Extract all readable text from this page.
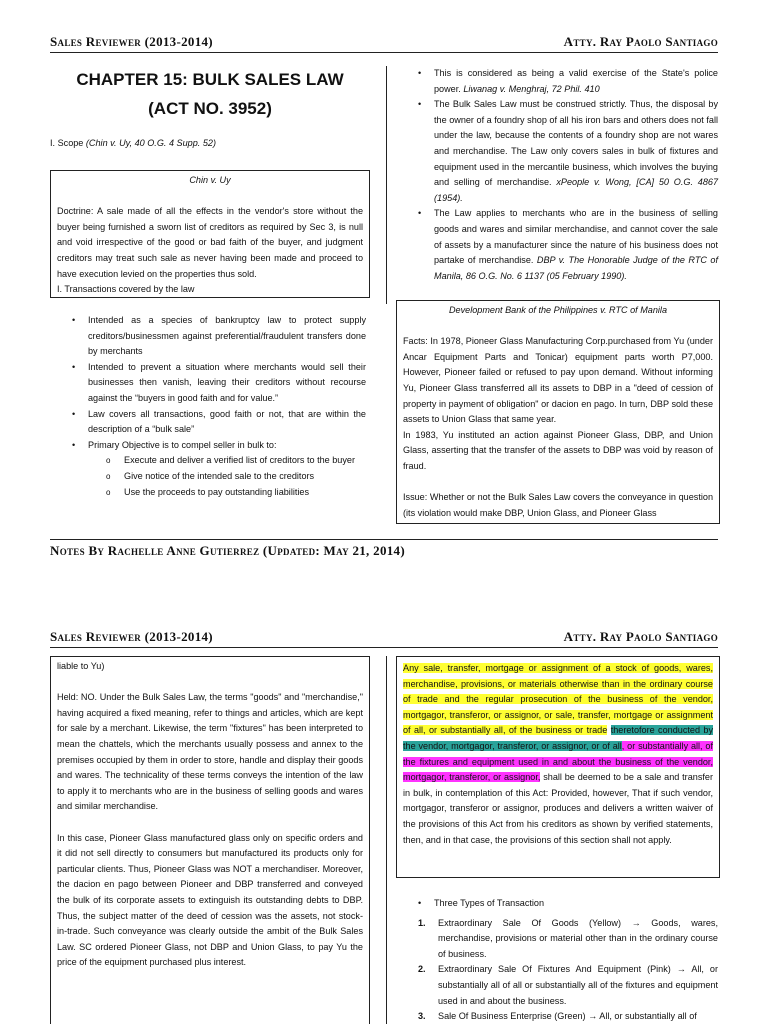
Sales Reviewer (2013-2014)	Atty. Ray Paolo Santiago
CHAPTER 15: BULK SALES LAW
(ACT NO. 3952)
I. Scope (Chin v. Uy, 40 O.G. 4 Supp. 52)

Chin v. Uy

Doctrine: A sale made of all the effects in the vendor's store without the buyer being furnished a sworn list of creditors as required by Sec 3, is null and void irrespective of the good or bad faith of the buyer, and judgment creditors may treat such sale as never having been made and proceed to have execution levied on the properties thus sold.

I. Transactions covered by the law

• Intended as a species of bankruptcy law to protect supply creditors/businessmen against preferential/fraudulent transfers done by merchants
• Intended to prevent a situation where merchants would sell their businesses then vanish, leaving their creditors without recourse against the “buyers in good faith and for value.”
• Law covers all transactions, good faith or not, that are within the description of a “bulk sale”
• Primary Objective is to compel seller in bulk to:
o Execute and deliver a verified list of creditors to the buyer
o Give notice of the intended sale to the creditors
o Use the proceeds to pay outstanding liabilities
• This is considered as being a valid exercise of the State's police power. Liwanag v. Menghraj, 72 Phil. 410
• The Bulk Sales Law must be construed strictly. Thus, the disposal by the owner of a foundry shop of all his iron bars and others does not fall under the law, because the contents of a foundry shop are not wares and merchandise. The Law only covers sales in bulk of fixtures and equipment used in the mercantile business, which involves the buying and selling of merchandise. xPeople v. Wong, [CA] 50 O.G. 4867 (1954).
• The Law applies to merchants who are in the business of selling goods and wares and similar merchandise, and cannot cover the sale of assets by a manufacturer since the nature of his business does not partake of merchandise. DBP v. The Honorable Judge of the RTC of Manila, 86 O.G. No. 6 1137 (05 February 1990).

Development Bank of the Philippines v. RTC of Manila

Facts: In 1978, Pioneer Glass Manufacturing Corp.purchased from Yu (under Ancar Equipment Parts and Tonicar) equipment parts worth P7,000. However, Pioneer failed or refused to pay upon demand. Without informing Yu, Pioneer Glass transferred all its assets to DBP in a "deed of cession of property in payment of obligation" or dacion en pago. In turn, DBP sold these assets to Union Glass that same year.

In 1983, Yu instituted an action against Pioneer Glass, DBP, and Union Glass, asserting that the transfer of the assets to DBP was void by reason of fraud.

Issue: Whether or not the Bulk Sales Law covers the conveyance in question (its violation would make DBP, Union Glass, and Pioneer Glass

Notes By Rachelle Anne Gutierrez (Updated: May 21, 2014)
Sales Reviewer (2013-2014)	Atty. Ray Paolo Santiago

liable to Yu)

Held: NO. Under the Bulk Sales Law, the terms "goods" and "merchandise," having acquired a fixed meaning, refer to things and articles, which are kept for sale by a merchant. Likewise, the term "fixtures" has been interpreted to mean the chattels, which the merchants usually possess and annex to the premises occupied by them in order to store, handle and display their goods and wares. The technicality of these terms conveys the intention of the law to apply it to merchants who are in the business of selling goods and wares and similar merchandise.

In this case, Pioneer Glass manufactured glass only on specific orders and it did not sell directly to consumers but manufactured its products only for particular clients. Thus, Pioneer Glass was NOT a merchandiser. Moreover, the dacion en pago between Pioneer and DBP transferred and conveyed the bulk of its corporate assets to extinguish its outstanding debts to DBP. Thus, the subject matter of the deed of cession was the assets, not stock-in-trade. Such conveyance was clearly outside the ambit of the Bulk Sales Law. SC ordered Pioneer Glass, not DBP and Union Glass, to pay Yu the price of the equipment purchased plus interest.

Any sale, transfer, mortgage or assignment of a stock of goods, wares, merchandise, provisions, or materials otherwise than in the ordinary course of trade and the regular prosecution of the business of the vendor, mortgagor, transferor, or assignor, or sale, transfer, mortgage or assignment of all, or substantially all, of the business or trade theretofore conducted by the vendor, mortgagor, transferor, or assignor, or of all, or substantially all, of the fixtures and equipment used in and about the business of the vendor, mortgagor, transferor, or assignor, shall be deemed to be a sale and transfer in bulk, in contemplation of this Act: Provided, however, That if such vendor, mortgagor, transferor or assignor, produces and delivers a written waiver of the provisions of this Act from his creditors as shown by verified statements, then, and in that case, the provisions of this section shall not apply.

• Three Types of Transaction
1. Extraordinary Sale Of Goods (Yellow) → Goods, wares, merchandise, provisions or material other than in the ordinary course of business.
2. Extraordinary Sale Of Fixtures And Equipment (Pink) → All, or substantially all of all or substantially all of the fixtures and equipment used in and about the business.
3. Sale Of Business Enterprise (Green) → All, or substantially all of
